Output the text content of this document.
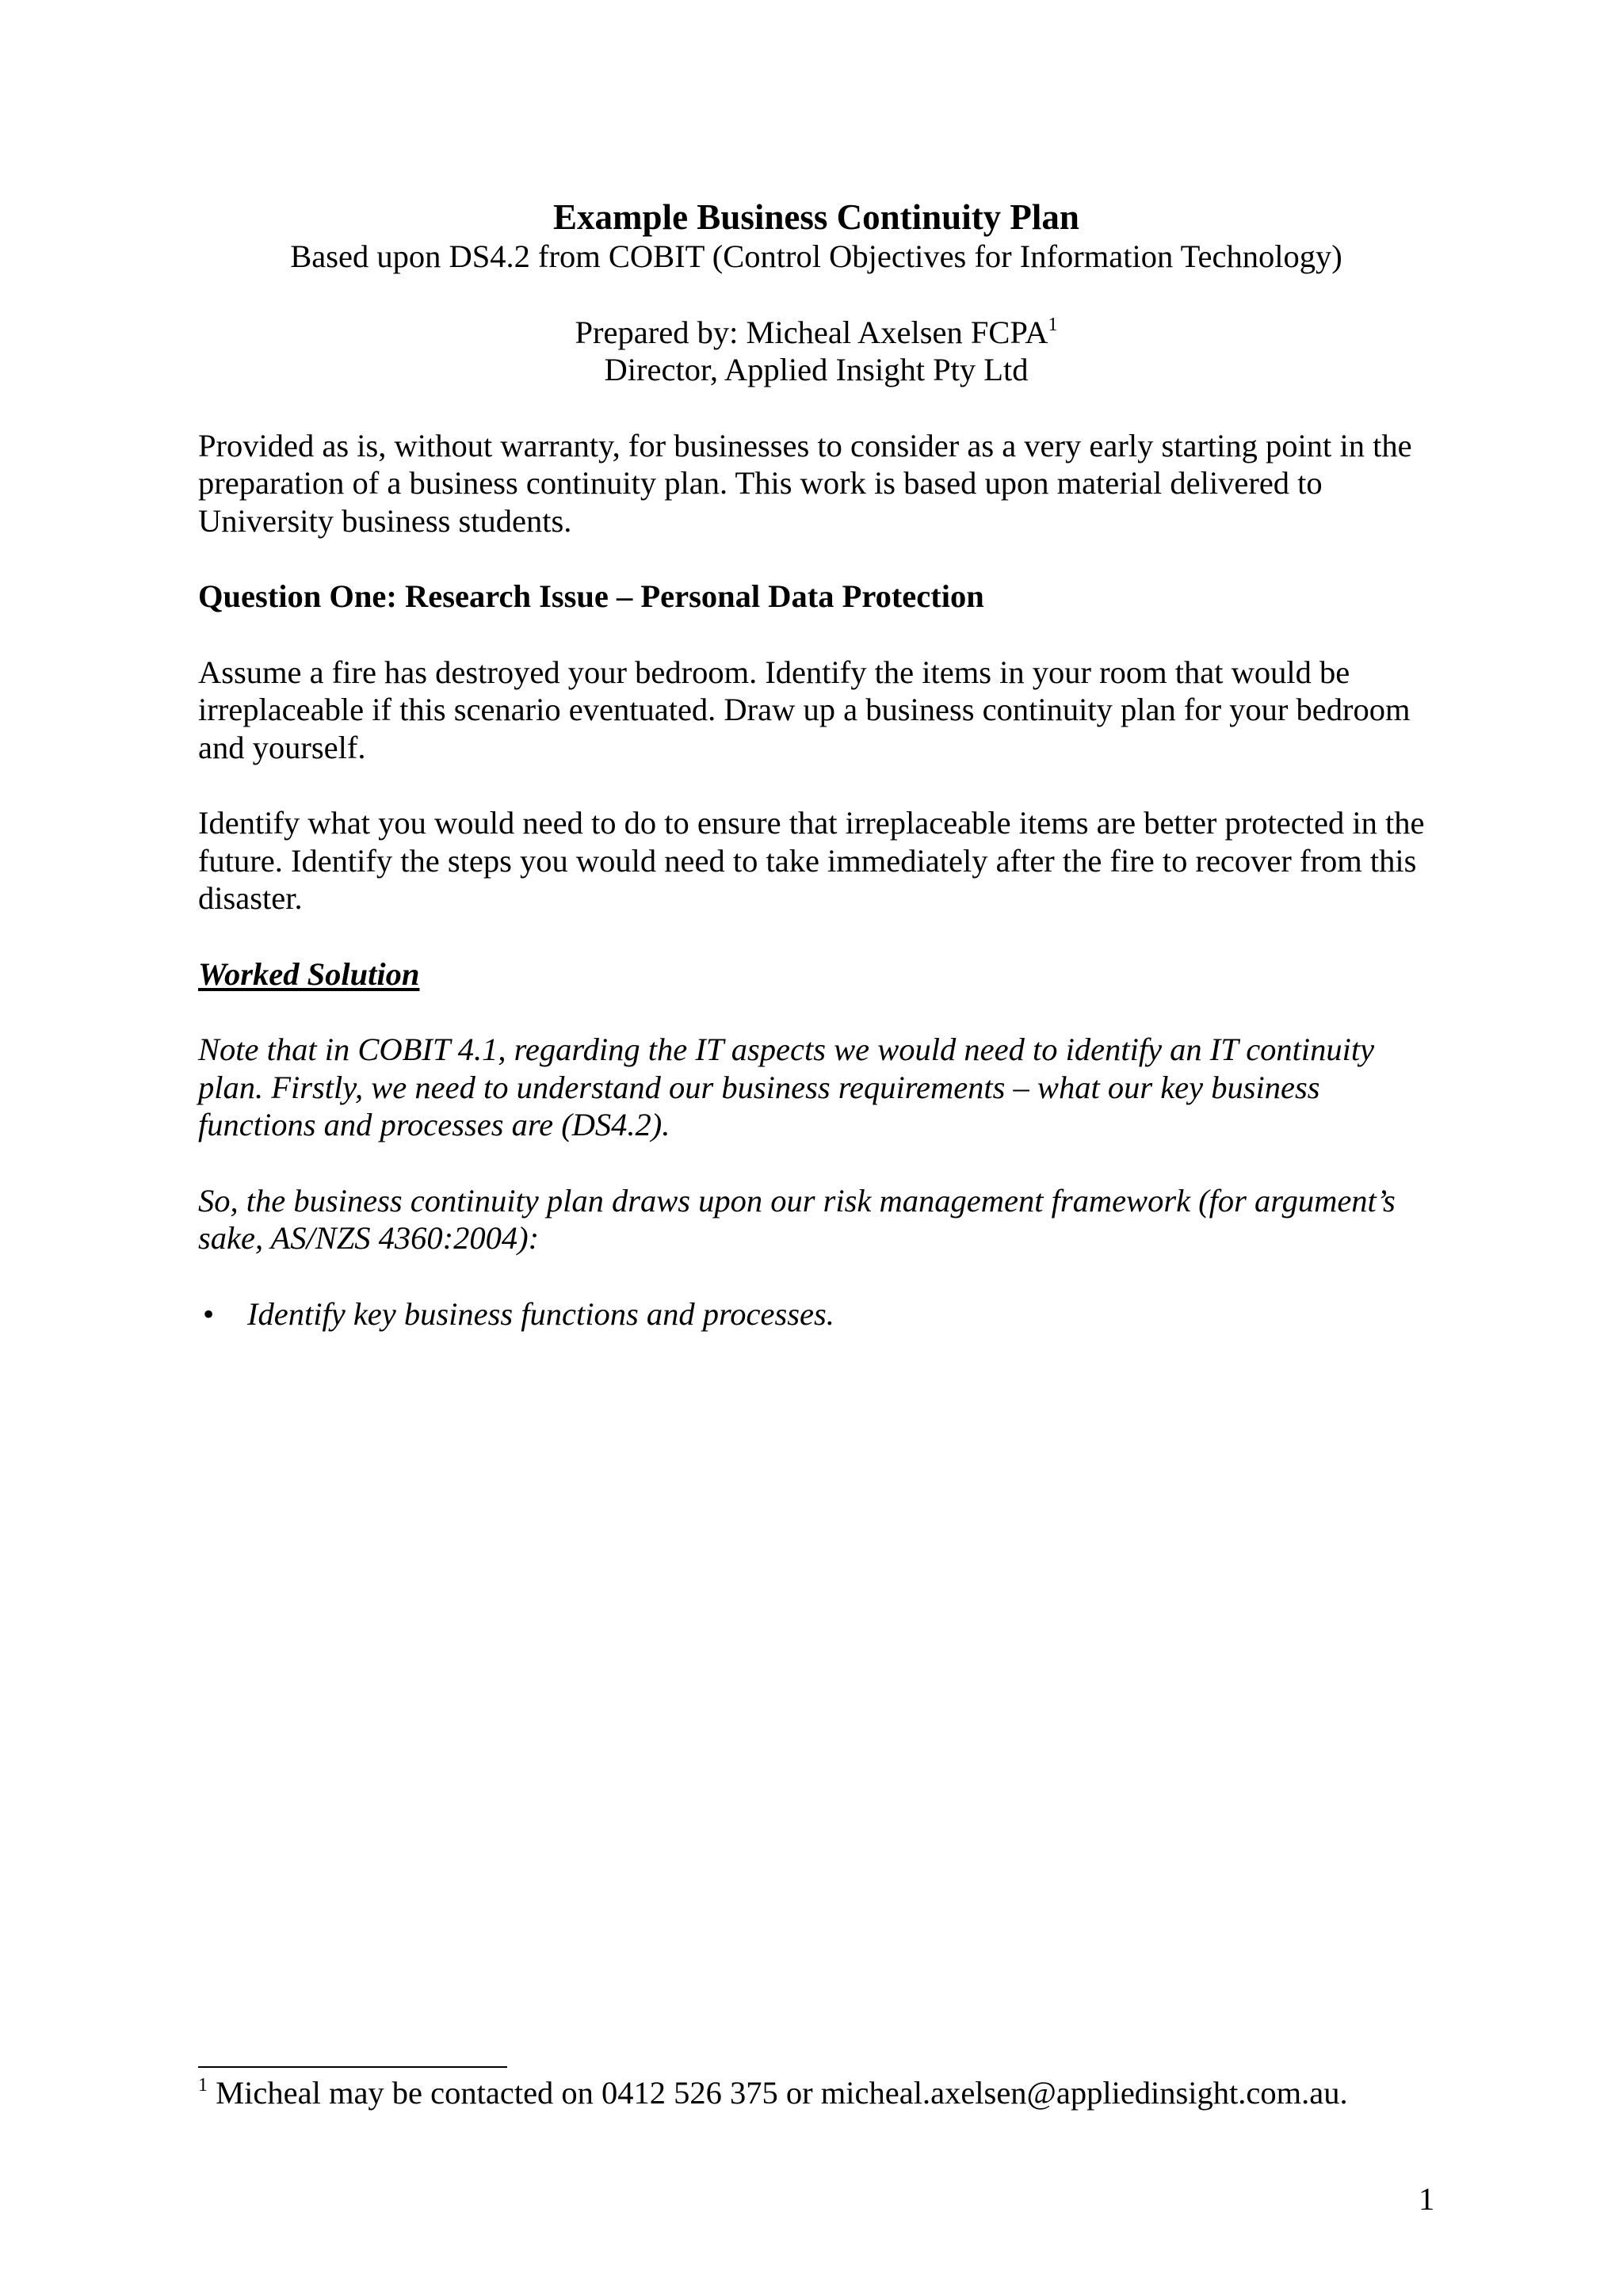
Example Business Continuity Plan

Based upon DS4.2 from COBIT (Control Objectives for Information Technology)

Prepared by: Micheal Axelsen FCPA$^1$

Director, Applied Insight Pty Ltd

Provided as is, without warranty, for businesses to consider as a very early starting point in the preparation of a business continuity plan. This work is based upon material delivered to University business students.

Question One: Research Issue – Personal Data Protection

Assume a fire has destroyed your bedroom. Identify the items in your room that would be irreplaceable if this scenario eventuated. Draw up a business continuity plan for your bedroom and yourself.

Identify what you would need to do to ensure that irreplaceable items are better protected in the future. Identify the steps you would need to take immediately after the fire to recover from this disaster.

Worked Solution

Note that in COBIT 4.1, regarding the IT aspects we would need to identify an IT continuity plan. Firstly, we need to understand our business requirements – what our key business functions and processes are (DS4.2).

So, the business continuity plan draws upon our risk management framework (for argument’s sake, AS/NZS 4360:2004):

• Identify key business functions and processes.
$^1$ Micheal may be contacted on 0412 526 375 or micheal.axelsen@appliedinsight.com.au.
1
